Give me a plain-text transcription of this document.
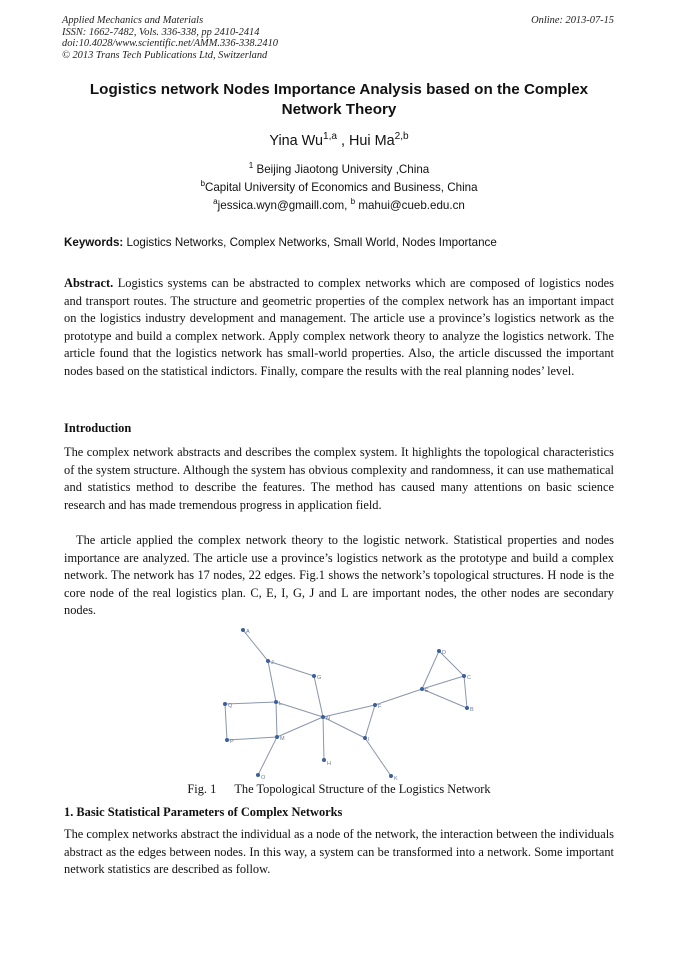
Applied Mechanics and Materials
ISSN: 1662-7482, Vols. 336-338, pp 2410-2414
doi:10.4028/www.scientific.net/AMM.336-338.2410
© 2013 Trans Tech Publications Ltd, Switzerland
Online: 2013-07-15
Logistics network Nodes Importance Analysis based on the Complex Network Theory
Yina Wu$^{1,a}$ , Hui Ma$^{2,b}$
$^1$ Beijing Jiaotong University ,China
$^b$Capital University of Economics and Business, China
$^a$jessica.wyn@gmaill.com, $^b$ mahui@cueb.edu.cn
Keywords: Logistics Networks, Complex Networks, Small World, Nodes Importance
Abstract. Logistics systems can be abstracted to complex networks which are composed of logistics nodes and transport routes. The structure and geometric properties of the complex network has an important impact on the logistics industry development and management. The article use a province’s logistics network as the prototype and build a complex network. Apply complex network theory to analyze the logistics network. The article found that the logistics network has small-world properties. Also, the article discussed the important nodes based on the statistical indictors. Finally, compare the results with the real planning nodes’ level.
Introduction
The complex network abstracts and describes the complex system. It highlights the topological characteristics of the system structure. Although the system has obvious complexity and randomness, it can use mathematical and statistics method to describe the features. The method has caused many attentions on basic science research and has made tremendous progress in application field.
The article applied the complex network theory to the logistic network. Statistical properties and nodes importance are analyzed. The article use a province’s logistics network as the prototype and build a complex network. The network has 17 nodes, 22 edges. Fig.1 shows the network’s topological structures. H node is the core node of the real logistics plan. C, E, I, G, J and L are important nodes, the other nodes are secondary nodes.
A
B
C
D
E
F
G
H
I
J
K
L
M
N
O
P
Q
Fig. 1 The Topological Structure of the Logistics Network
1. Basic Statistical Parameters of Complex Networks
The complex networks abstract the individual as a node of the network, the interaction between the individuals abstract as the edges between nodes. In this way, a system can be transformed into a network. Some important network statistics are described as follow.
